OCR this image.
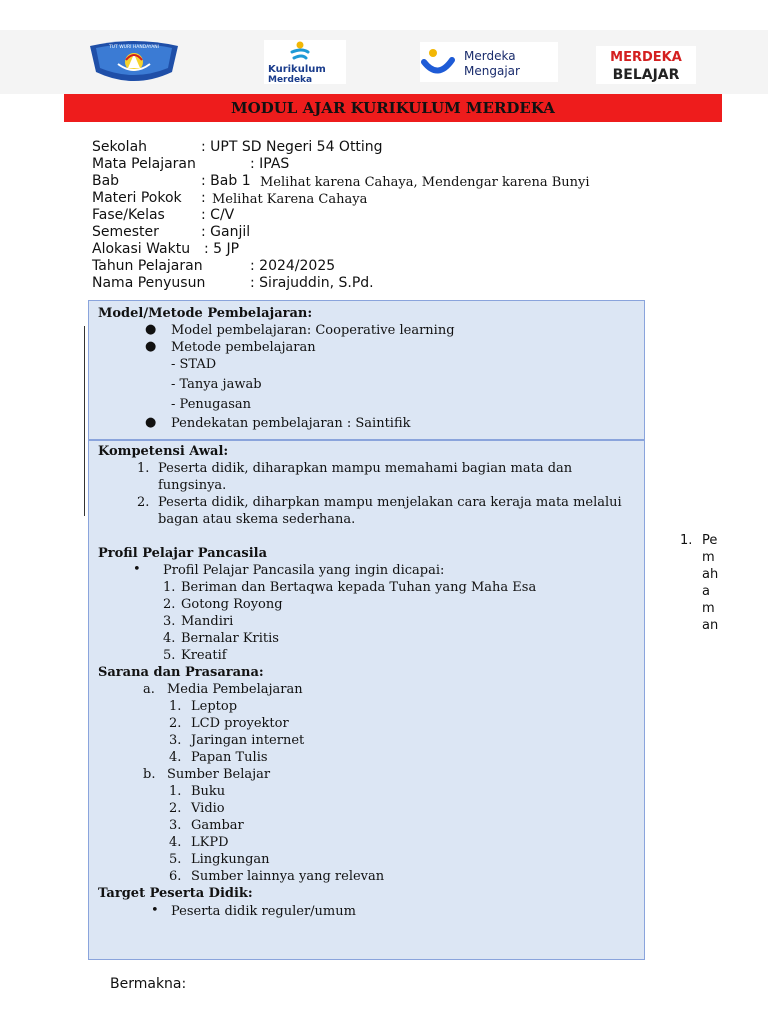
TUT WURI HANDAYANI
Kurikulum
Merdeka
Merdeka
Mengajar
MERDEKA
BELAJAR
MODUL AJAR KURIKULUM MERDEKA
Sekolah	: UPT SD Negeri 54 Otting
Mata Pelajaran	: IPAS
Bab	: Bab 1 Melihat karena Cahaya, Mendengar karena Bunyi
Materi Pokok : Melihat Karena Cahaya
Fase/Kelas	: C/V
Semester	: Ganjil
Alokasi Waktu : 5 JP
Tahun Pelajaran	: 2024/2025
Nama Penyusun	: Sirajuddin, S.Pd.
Model/Metode Pembelajaran:
● Model pembelajaran: Cooperative learning
● Metode pembelajaran
- STAD
- Tanya jawab
- Penugasan
● Pendekatan pembelajaran : Saintifik
Kompetensi Awal:
1. Peserta didik, diharapkan mampu memahami bagian mata dan
fungsinya.
2. Peserta didik, diharpkan mampu menjelakan cara keraja mata melalui
bagan atau skema sederhana.
Profil Pelajar Pancasila
• Profil Pelajar Pancasila yang ingin dicapai:
1. Beriman dan Bertaqwa kepada Tuhan yang Maha Esa
2. Gotong Royong
3. Mandiri
4. Bernalar Kritis
5. Kreatif
Sarana dan Prasarana:
a. Media Pembelajaran
1. Leptop
2. LCD proyektor
3. Jaringan internet
4. Papan Tulis
b. Sumber Belajar
1. Buku
2. Vidio
3. Gambar
4. LKPD
5. Lingkungan
6. Sumber lainnya yang relevan
Target Peserta Didik:
• Peserta didik reguler/umum
1. Pe
m
ah
a
m
an
Bermakna:
